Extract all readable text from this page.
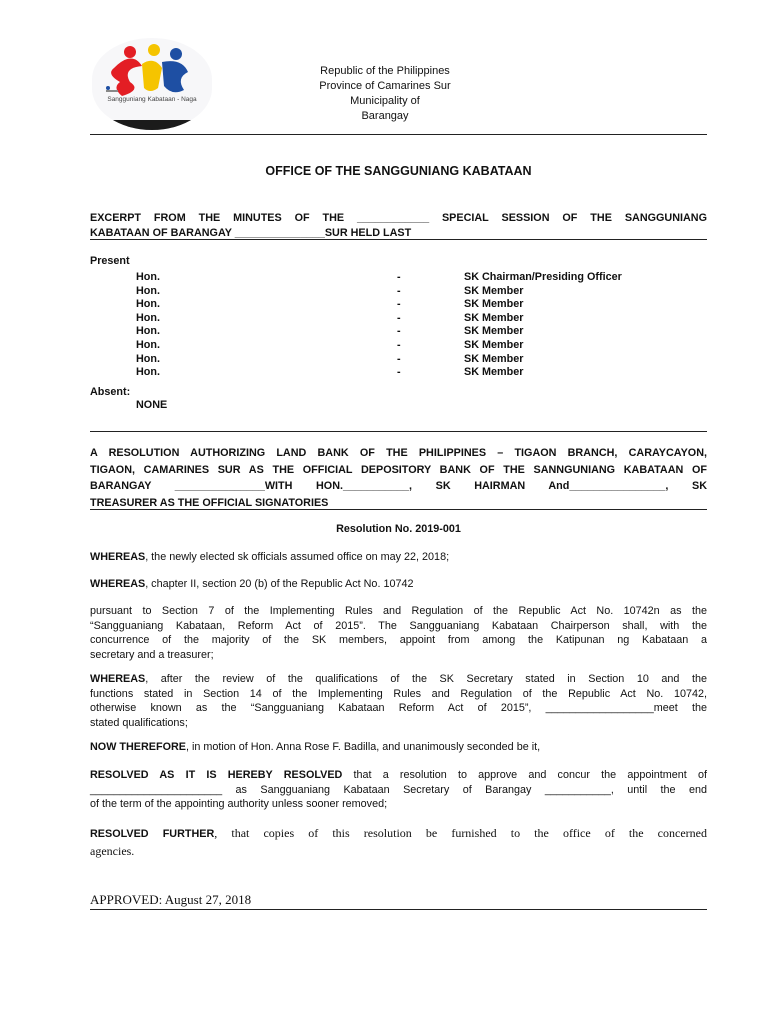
Sangguniang Kabataan - Naga
Republic of the Philippines
Province of Camarines Sur
Municipality of
Barangay
OFFICE OF THE SANGGUNIANG KABATAAN
EXCERPT FROM THE MINUTES OF THE ____________ SPECIAL SESSION OF THE SANGGUNIANG
KABATAAN OF BARANGAY _______________SUR HELD LAST
Present
Hon.	-	SK Chairman/Presiding Officer
Hon.	-	SK Member
Hon.	-	SK Member
Hon.	-	SK Member
Hon.	-	SK Member
Hon.	-	SK Member
Hon.	-	SK Member
Hon.	-	SK Member
Absent:
NONE
A RESOLUTION AUTHORIZING LAND BANK OF THE PHILIPPINES – TIGAON BRANCH, CARAYCAYON,
TIGAON, CAMARINES SUR AS THE OFFICIAL DEPOSITORY BANK OF THE SANNGUNIANG KABATAAN OF
BARANGAY _______________WITH HON.___________, SK HAIRMAN And________________, SK
TREASURER AS THE OFFICIAL SIGNATORIES
Resolution No. 2019-001
WHEREAS, the newly elected sk officials assumed office on may 22, 2018;
WHEREAS, chapter II, section 20 (b) of the Republic Act No. 10742
pursuant to Section 7 of the Implementing Rules and Regulation of the Republic Act No. 10742n as the
“Sangguaniang Kabataan, Reform Act of 2015”. The Sangguaniang Kabataan Chairperson shall, with the
concurrence of the majority of the SK members, appoint from among the Katipunan ng Kabataan a
secretary and a treasurer;
WHEREAS, after the review of the qualifications of the SK Secretary stated in Section 10 and the
functions stated in Section 14 of the Implementing Rules and Regulation of the Republic Act No. 10742,
otherwise known as the “Sangguaniang Kabataan Reform Act of 2015”, __________________meet the
stated qualifications;
NOW THEREFORE, in motion of Hon. Anna Rose F. Badilla, and unanimously seconded be it,
RESOLVED AS IT IS HEREBY RESOLVED that a resolution to approve and concur the appointment of
______________________ as Sangguaniang Kabataan Secretary of Barangay ___________, until the end
of the term of the appointing authority unless sooner removed;
RESOLVED FURTHER, that copies of this resolution be furnished to the office of the concerned
agencies.
APPROVED: August 27, 2018
